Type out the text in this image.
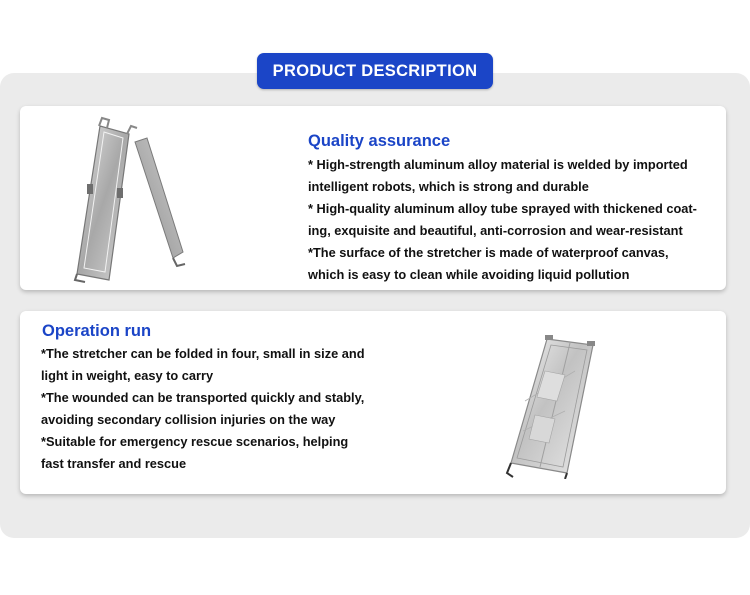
PRODUCT DESCRIPTION
Quality assurance
* High-strength aluminum alloy material is welded by imported
intelligent robots, which is strong and durable
* High-quality aluminum alloy tube sprayed with thickened coat-
ing, exquisite and beautiful, anti-corrosion and wear-resistant
*The surface of the stretcher is made of waterproof canvas,
which is easy to clean while avoiding liquid pollution
Operation run
*The stretcher can be folded in four, small in size and
light in weight, easy to carry
*The wounded can be transported quickly and stably,
avoiding secondary collision injuries on the way
*Suitable for emergency rescue scenarios, helping
fast transfer and rescue
